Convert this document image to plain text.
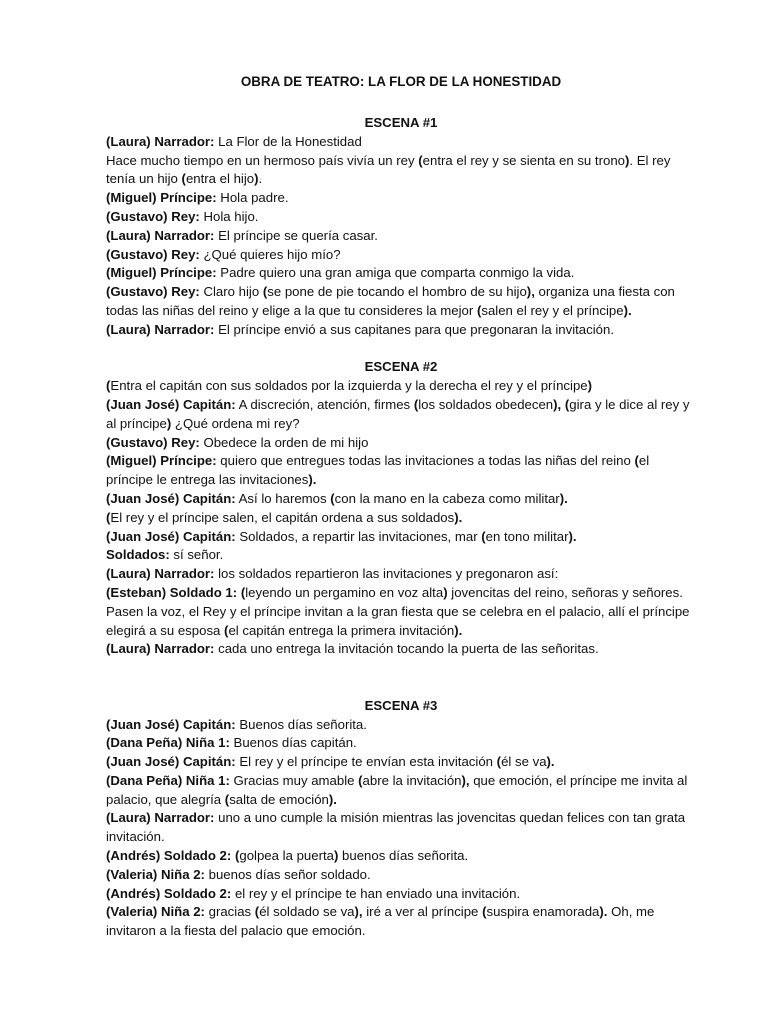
OBRA DE TEATRO: LA FLOR DE LA HONESTIDAD
ESCENA #1
(Laura) Narrador: La Flor de la Honestidad
Hace mucho tiempo en un hermoso país vivía un rey (entra el rey y se sienta en su trono). El rey tenía un hijo (entra el hijo).
(Miguel) Príncipe: Hola padre.
(Gustavo) Rey: Hola hijo.
(Laura) Narrador: El príncipe se quería casar.
(Gustavo) Rey: ¿Qué quieres hijo mío?
(Miguel) Príncipe: Padre quiero una gran amiga que comparta conmigo la vida.
(Gustavo) Rey: Claro hijo (se pone de pie tocando el hombro de su hijo), organiza una fiesta con todas las niñas del reino y elige a la que tu consideres la mejor (salen el rey y el príncipe).
(Laura) Narrador: El príncipe envió a sus capitanes para que pregonaran la invitación.
ESCENA #2
(Entra el capitán con sus soldados por la izquierda y la derecha el rey y el príncipe)
(Juan José) Capitán: A discreción, atención, firmes (los soldados obedecen), (gira y le dice al rey y al príncipe) ¿Qué ordena mi rey?
(Gustavo) Rey: Obedece la orden de mi hijo
(Miguel) Príncipe: quiero que entregues todas las invitaciones a todas las niñas del reino (el príncipe le entrega las invitaciones).
(Juan José) Capitán: Así lo haremos (con la mano en la cabeza como militar).
(El rey y el príncipe salen, el capitán ordena a sus soldados).
(Juan José) Capitán: Soldados, a repartir las invitaciones, mar (en tono militar).
Soldados: sí señor.
(Laura) Narrador: los soldados repartieron las invitaciones y pregonaron así:
(Esteban) Soldado 1: (leyendo un pergamino en voz alta) jovencitas del reino, señoras y señores. Pasen la voz, el Rey y el príncipe invitan a la gran fiesta que se celebra en el palacio, allí el príncipe elegirá a su esposa (el capitán entrega la primera invitación).
(Laura) Narrador: cada uno entrega la invitación tocando la puerta de las señoritas.
ESCENA #3
(Juan José) Capitán: Buenos días señorita.
(Dana Peña) Niña 1: Buenos días capitán.
(Juan José) Capitán: El rey y el príncipe te envían esta invitación (él se va).
(Dana Peña) Niña 1: Gracias muy amable (abre la invitación), que emoción, el príncipe me invita al palacio, que alegría (salta de emoción).
(Laura) Narrador: uno a uno cumple la misión mientras las jovencitas quedan felices con tan grata invitación.
(Andrés) Soldado 2: (golpea la puerta) buenos días señorita.
(Valeria) Niña 2: buenos días señor soldado.
(Andrés) Soldado 2: el rey y el príncipe te han enviado una invitación.
(Valeria) Niña 2: gracias (él soldado se va), iré a ver al príncipe (suspira enamorada). Oh, me invitaron a la fiesta del palacio que emoción.
